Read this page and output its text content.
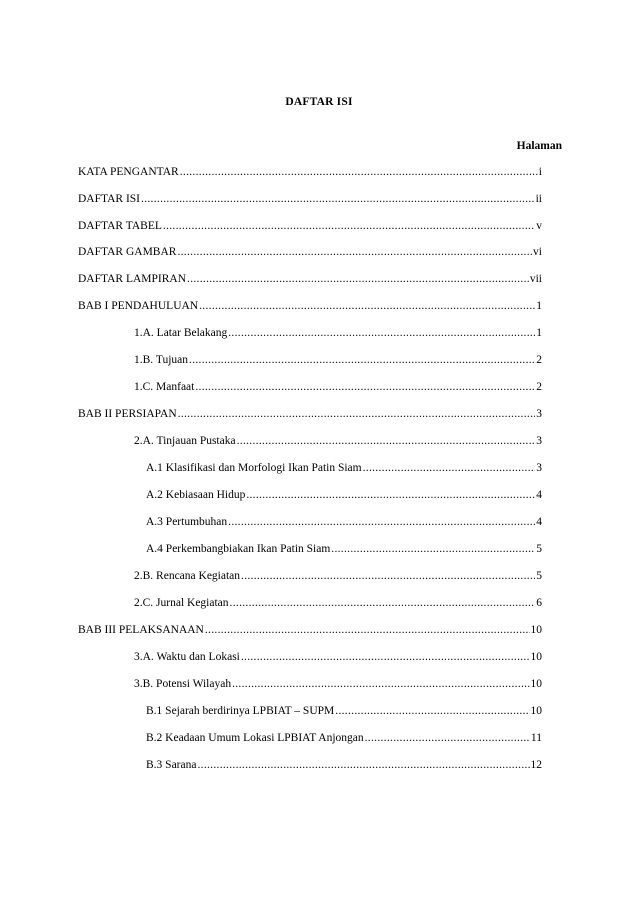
DAFTAR ISI
Halaman
KATA PENGANTAR .....	i
DAFTAR ISI .....	ii
DAFTAR TABEL .....	v
DAFTAR GAMBAR .....	vi
DAFTAR LAMPIRAN .....	vii
BAB I PENDAHULUAN .....	1
1.A. Latar Belakang .....	1
1.B. Tujuan .....	2
1.C. Manfaat .....	2
BAB II PERSIAPAN .....	3
2.A. Tinjauan Pustaka .....	3
A.1 Klasifikasi dan Morfologi Ikan Patin Siam .....	3
A.2 Kebiasaan Hidup .....	4
A.3 Pertumbuhan .....	4
A.4 Perkembangbiakan Ikan Patin Siam .....	5
2.B. Rencana Kegiatan .....	5
2.C. Jurnal Kegiatan .....	6
BAB III PELAKSANAAN .....	10
3.A. Waktu dan Lokasi .....	10
3.B. Potensi Wilayah .....	10
B.1 Sejarah berdirinya LPBIAT – SUPM .....	10
B.2 Keadaan Umum Lokasi LPBIAT Anjongan .....	11
B.3 Sarana .....	12
